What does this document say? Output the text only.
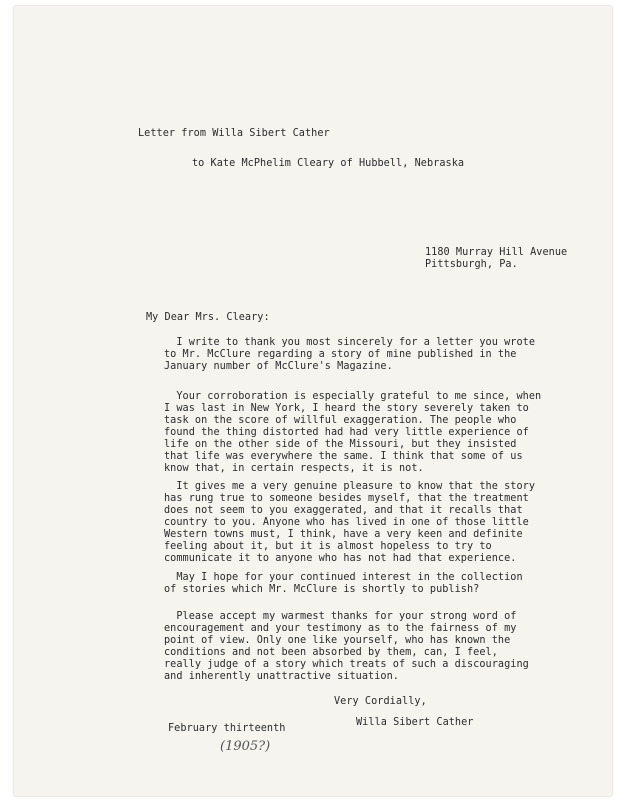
Letter from Willa Sibert Cather
to Kate McPhelim Cleary of Hubbell, Nebraska
1180 Murray Hill Avenue
Pittsburgh, Pa.
My Dear Mrs. Cleary:
I write to thank you most sincerely for a letter you wrote
to Mr. McClure regarding a story of mine published in the
January number of McClure's Magazine.
Your corroboration is especially grateful to me since, when
I was last in New York, I heard the story severely taken to
task on the score of willful exaggeration. The people who
found the thing distorted had had very little experience of
life on the other side of the Missouri, but they insisted
that life was everywhere the same. I think that some of us
know that, in certain respects, it is not.
It gives me a very genuine pleasure to know that the story
has rung true to someone besides myself, that the treatment
does not seem to you exaggerated, and that it recalls that
country to you. Anyone who has lived in one of those little
Western towns must, I think, have a very keen and definite
feeling about it, but it is almost hopeless to try to
communicate it to anyone who has not had that experience.
May I hope for your continued interest in the collection
of stories which Mr. McClure is shortly to publish?
Please accept my warmest thanks for your strong word of
encouragement and your testimony as to the fairness of my
point of view. Only one like yourself, who has known the
conditions and not been absorbed by them, can, I feel,
really judge of a story which treats of such a discouraging
and inherently unattractive situation.
Very Cordially,
Willa Sibert Cather
February thirteenth
(1905?)
